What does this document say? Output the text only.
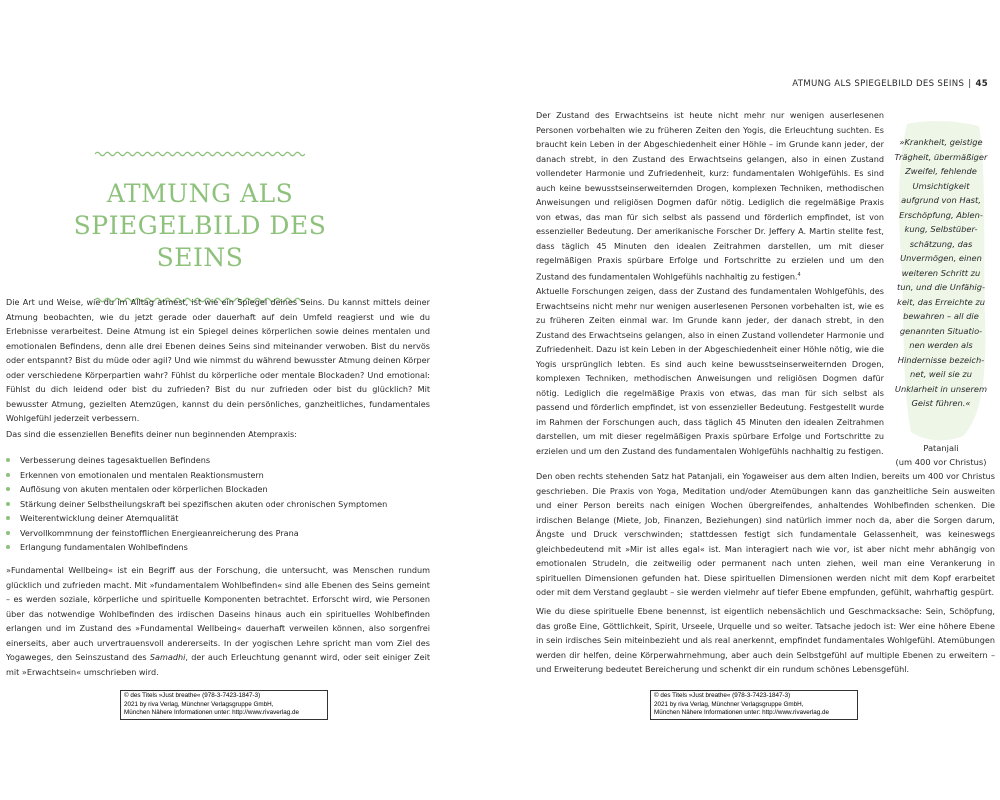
ATMUNG ALS SPIEGELBILD DES SEINS | 45
ATMUNG ALS
SPIEGELBILD DES SEINS

Die Art und Weise, wie du im Alltag atmest, ist wie ein Spiegel deines Seins. Du kannst mittels deiner Atmung beobachten, wie du jetzt gerade oder dauerhaft auf dein Umfeld reagierst und wie du Erlebnisse verarbeitest. Deine Atmung ist ein Spiegel deines körperlichen sowie deines mentalen und emotionalen Befindens, denn alle drei Ebenen deines Seins sind miteinander verwoben. Bist du nervös oder entspannt? Bist du müde oder agil? Und wie nimmst du während bewusster Atmung deinen Körper oder verschiedene Körperpartien wahr? Fühlst du körperliche oder mentale Blockaden? Und emotional: Fühlst du dich leidend oder bist du zufrieden? Bist du nur zufrieden oder bist du glücklich? Mit bewusster Atmung, gezielten Atemzügen, kannst du dein persönliches, ganzheitliches, fundamentales Wohlgefühl jederzeit verbessern.

Das sind die essenziellen Benefits deiner nun beginnenden Atempraxis:

Verbesserung deines tagesaktuellen Befindens
Erkennen von emotionalen und mentalen Reaktionsmustern
Auflösung von akuten mentalen oder körperlichen Blockaden
Stärkung deiner Selbstheilungskraft bei spezifischen akuten oder chronischen Symptomen
Weiterentwicklung deiner Atemqualität
Vervollkommnung der feinstofflichen Energieanreicherung des Prana
Erlangung fundamentalen Wohlbefindens

»Fundamental Wellbeing« ist ein Begriff aus der Forschung, die untersucht, was Menschen rundum glücklich und zufrieden macht. Mit »fundamentalem Wohlbefinden« sind alle Ebenen des Seins gemeint – es werden soziale, körperliche und spirituelle Komponenten betrachtet. Erforscht wird, wie Personen über das notwendige Wohlbefinden des irdischen Daseins hinaus auch ein spirituelles Wohlbefinden erlangen und im Zustand des »Fundamental Wellbeing« dauerhaft verweilen können, also sorgenfrei einerseits, aber auch urvertrauensvoll andererseits. In der yogischen Lehre spricht man vom Ziel des Yogaweges, den Seinszustand des Samadhi, der auch Erleuchtung genannt wird, oder seit einiger Zeit mit »Erwachtsein« umschrieben wird.

Der Zustand des Erwachtseins ist heute nicht mehr nur wenigen auserlesenen Personen vorbehalten wie zu früheren Zeiten den Yogis, die Erleuchtung suchten. Es braucht kein Leben in der Abgeschiedenheit einer Höhle – im Grunde kann jeder, der danach strebt, in den Zustand des Erwachtseins gelangen, also in einen Zustand vollendeter Harmonie und Zufriedenheit, kurz: fundamentalen Wohlgefühls. Es sind auch keine bewusstseinserweiternden Drogen, komplexen Techniken, methodischen Anweisungen und religiösen Dogmen dafür nötig. Lediglich die regelmäßige Praxis von etwas, das man für sich selbst als passend und förderlich empfindet, ist von essenzieller Bedeutung. Der amerikanische Forscher Dr. Jeffery A. Martin stellte fest, dass täglich 45 Minuten den idealen Zeitrahmen darstellen, um mit dieser regelmäßigen Praxis spürbare Erfolge und Fortschritte zu erzielen und um den Zustand des fundamentalen Wohlgefühls nachhaltig zu festigen.$^4$

Aktuelle Forschungen zeigen, dass der Zustand des fundamentalen Wohlgefühls, des Erwachtseins nicht mehr nur wenigen auserlesenen Personen vorbehalten ist, wie es zu früheren Zeiten einmal war. Im Grunde kann jeder, der danach strebt, in den Zustand des Erwachtseins gelangen, also in einen Zustand vollendeter Harmonie und Zufriedenheit. Dazu ist kein Leben in der Abgeschiedenheit einer Höhle nötig, wie die Yogis ursprünglich lebten. Es sind auch keine bewusstseinserweiternden Drogen, komplexen Techniken, methodischen Anweisungen und religiösen Dogmen dafür nötig. Lediglich die regelmäßige Praxis von etwas, das man für sich selbst als passend und förderlich empfindet, ist von essenzieller Bedeutung. Festgestellt wurde im Rahmen der Forschungen auch, dass täglich 45 Minuten den idealen Zeitrahmen darstellen, um mit dieser regelmäßigen Praxis spürbare Erfolge und Fortschritte zu erzielen und um den Zustand des fundamentalen Wohlgefühls nachhaltig zu festigen.

Den oben rechts stehenden Satz hat Patanjali, ein Yogaweiser aus dem alten Indien, bereits um 400 vor Christus geschrieben. Die Praxis von Yoga, Meditation und/oder Atemübungen kann das ganzheitliche Sein ausweiten und einer Person bereits nach einigen Wochen übergreifendes, anhaltendes Wohlbefinden schenken. Die irdischen Belange (Miete, Job, Finanzen, Beziehungen) sind natürlich immer noch da, aber die Sorgen darum, Ängste und Druck verschwinden; stattdessen festigt sich fundamentale Gelassenheit, was keineswegs gleichbedeutend mit »Mir ist alles egal« ist. Man interagiert nach wie vor, ist aber nicht mehr abhängig von emotionalen Strudeln, die zeitweilig oder permanent nach unten ziehen, weil man eine Verankerung in spirituellen Dimensionen gefunden hat. Diese spirituellen Dimensionen werden nicht mit dem Kopf erarbeitet oder mit dem Verstand geglaubt – sie werden vielmehr auf tiefer Ebene empfunden, gefühlt, wahrhaftig gespürt.

Wie du diese spirituelle Ebene benennst, ist eigentlich nebensächlich und Geschmacksache: Sein, Schöpfung, das große Eine, Göttlichkeit, Spirit, Urseele, Urquelle und so weiter. Tatsache jedoch ist: Wer eine höhere Ebene in sein irdisches Sein miteinbezieht und als real anerkennt, empfindet fundamentales Wohlgefühl. Atemübungen werden dir helfen, deine Körperwahrnehmung, aber auch dein Selbstgefühl auf multiple Ebenen zu erweitern – und Erweiterung bedeutet Bereicherung und schenkt dir ein rundum schönes Lebensgefühl.

»Krankheit, geistige
Trägheit, übermäßiger
Zweifel, fehlende
Umsichtigkeit
aufgrund von Hast,
Erschöpfung, Ablen-
kung, Selbstüber-
schätzung, das
Unvermögen, einen
weiteren Schritt zu
tun, und die Unfähig-
keit, das Erreichte zu
bewahren – all die
genannten Situatio-
nen werden als
Hindernisse bezeich-
net, weil sie zu
Unklarheit in unserem
Geist führen.«
Patanjali
(um 400 vor Christus)
© des Titels »Just breathe« (978-3-7423-1847-3)
2021 by riva Verlag, Münchner Verlagsgruppe GmbH,
München Nähere Informationen unter: http://www.rivaverlag.de
© des Titels »Just breathe« (978-3-7423-1847-3)
2021 by riva Verlag, Münchner Verlagsgruppe GmbH,
München Nähere Informationen unter: http://www.rivaverlag.de
